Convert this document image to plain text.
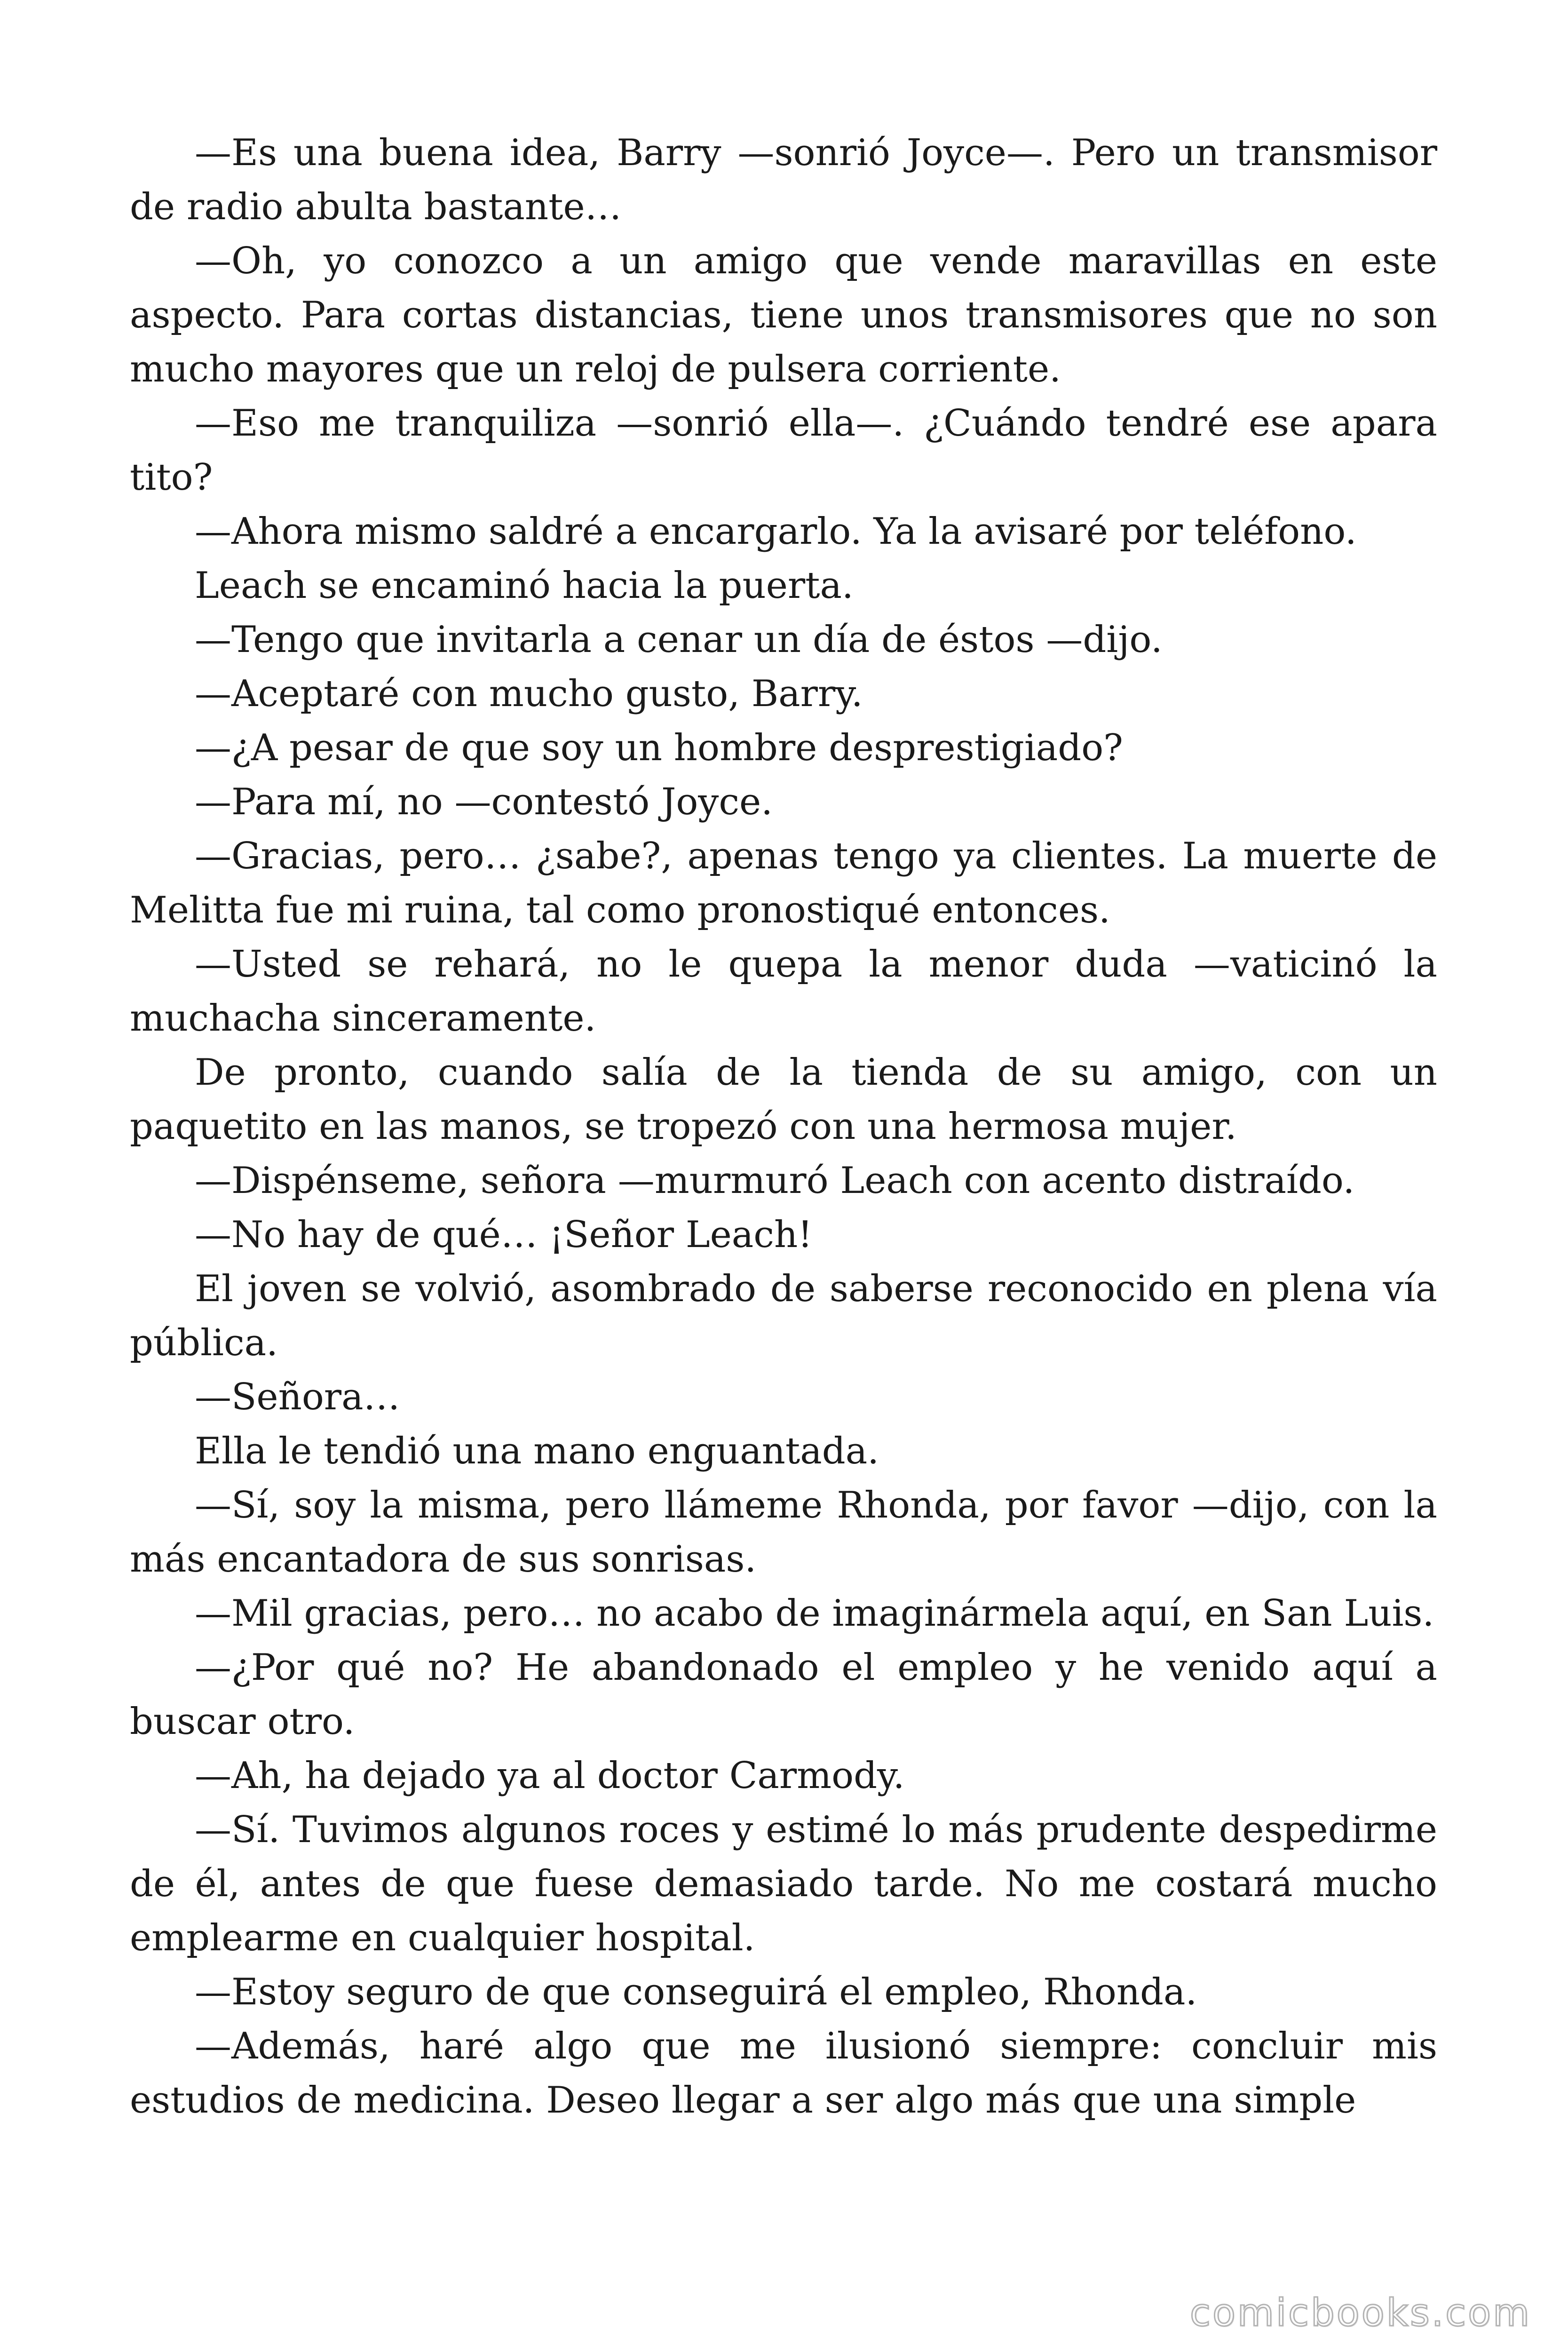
—Es una buena idea, Barry —sonrió Joyce—. Pero un transmisor de radio abulta bastante…

—Oh, yo conozco a un amigo que vende maravillas en este aspecto. Para cortas distancias, tiene unos transmisores que no son mucho mayores que un reloj de pulsera corriente.

—Eso me tranquiliza —sonrió ella—. ¿Cuándo tendré ese apara tito?

—Ahora mismo saldré a encargarlo. Ya la avisaré por teléfono.

Leach se encaminó hacia la puerta.

—Tengo que invitarla a cenar un día de éstos —dijo.

—Aceptaré con mucho gusto, Barry.

—¿A pesar de que soy un hombre desprestigiado?

—Para mí, no —contestó Joyce.

—Gracias, pero… ¿sabe?, apenas tengo ya clientes. La muerte de Melitta fue mi ruina, tal como pronostiqué entonces.

—Usted se rehará, no le quepa la menor duda —vaticinó la muchacha sinceramente.

De pronto, cuando salía de la tienda de su amigo, con un paquetito en las manos, se tropezó con una hermosa mujer.

—Dispénseme, señora —murmuró Leach con acento distraído.

—No hay de qué… ¡Señor Leach!

El joven se volvió, asombrado de saberse reconocido en plena vía pública.

—Señora…

Ella le tendió una mano enguantada.

—Sí, soy la misma, pero llámeme Rhonda, por favor —dijo, con la más encantadora de sus sonrisas.

—Mil gracias, pero… no acabo de imaginármela aquí, en San Luis.

—¿Por qué no? He abandonado el empleo y he venido aquí a buscar otro.

—Ah, ha dejado ya al doctor Carmody.

—Sí. Tuvimos algunos roces y estimé lo más prudente despedirme de él, antes de que fuese demasiado tarde. No me costará mucho emplearme en cualquier hospital.

—Estoy seguro de que conseguirá el empleo, Rhonda.

—Además, haré algo que me ilusionó siempre: concluir mis estudios de medicina. Deseo llegar a ser algo más que una simple

comicbooks.com
